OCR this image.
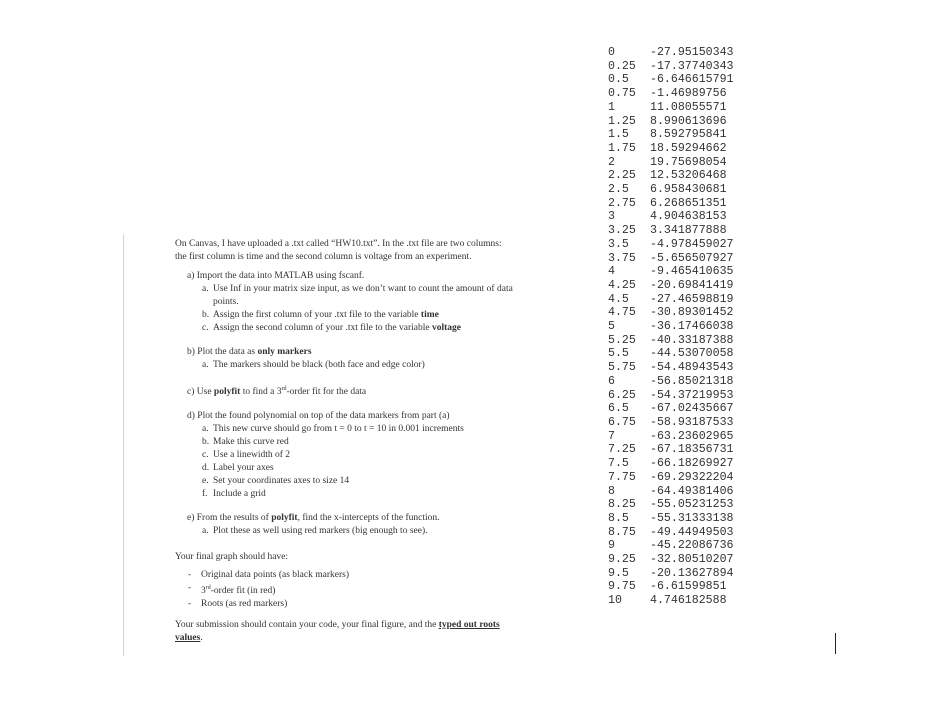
On Canvas, I have uploaded a .txt called “HW10.txt”. In the .txt file are two columns: the first column is time and the second column is voltage from an experiment.

a) Import the data into MATLAB using fscanf.
a. Use Inf in your matrix size input, as we don’t want to count the amount of data points.
b. Assign the first column of your .txt file to the variable time
c. Assign the second column of your .txt file to the variable voltage
b) Plot the data as only markers
a. The markers should be black (both face and edge color)
c) Use polyfit to find a 3rd-order fit for the data
d) Plot the found polynomial on top of the data markers from part (a)
a. This new curve should go from t = 0 to t = 10 in 0.001 increments
b. Make this curve red
c. Use a linewidth of 2
d. Label your axes
e. Set your coordinates axes to size 14
f. Include a grid
e) From the results of polyfit, find the x-intercepts of the function.
a. Plot these as well using red markers (big enough to see).
Your final graph should have:
- Original data points (as black markers)
- 3rd-order fit (in red)
- Roots (as red markers)
Your submission should contain your code, your final figure, and the typed out roots values.
0	-27.95150343
0.25	-17.37740343
0.5	-6.646615791
0.75	-1.46989756
1	11.08055571
1.25	8.990613696
1.5	8.592795841
1.75	18.59294662
2	19.75698054
2.25	12.53206468
2.5	6.958430681
2.75	6.268651351
3	4.904638153
3.25	3.341877888
3.5	-4.978459027
3.75	-5.656507927
4	-9.465410635
4.25	-20.69841419
4.5	-27.46598819
4.75	-30.89301452
5	-36.17466038
5.25	-40.33187388
5.5	-44.53070058
5.75	-54.48943543
6	-56.85021318
6.25	-54.37219953
6.5	-67.02435667
6.75	-58.93187533
7	-63.23602965
7.25	-67.18356731
7.5	-66.18269927
7.75	-69.29322204
8	-64.49381406
8.25	-55.05231253
8.5	-55.31333138
8.75	-49.44949503
9	-45.22086736
9.25	-32.80510207
9.5	-20.13627894
9.75	-6.61599851
10	4.746182588
